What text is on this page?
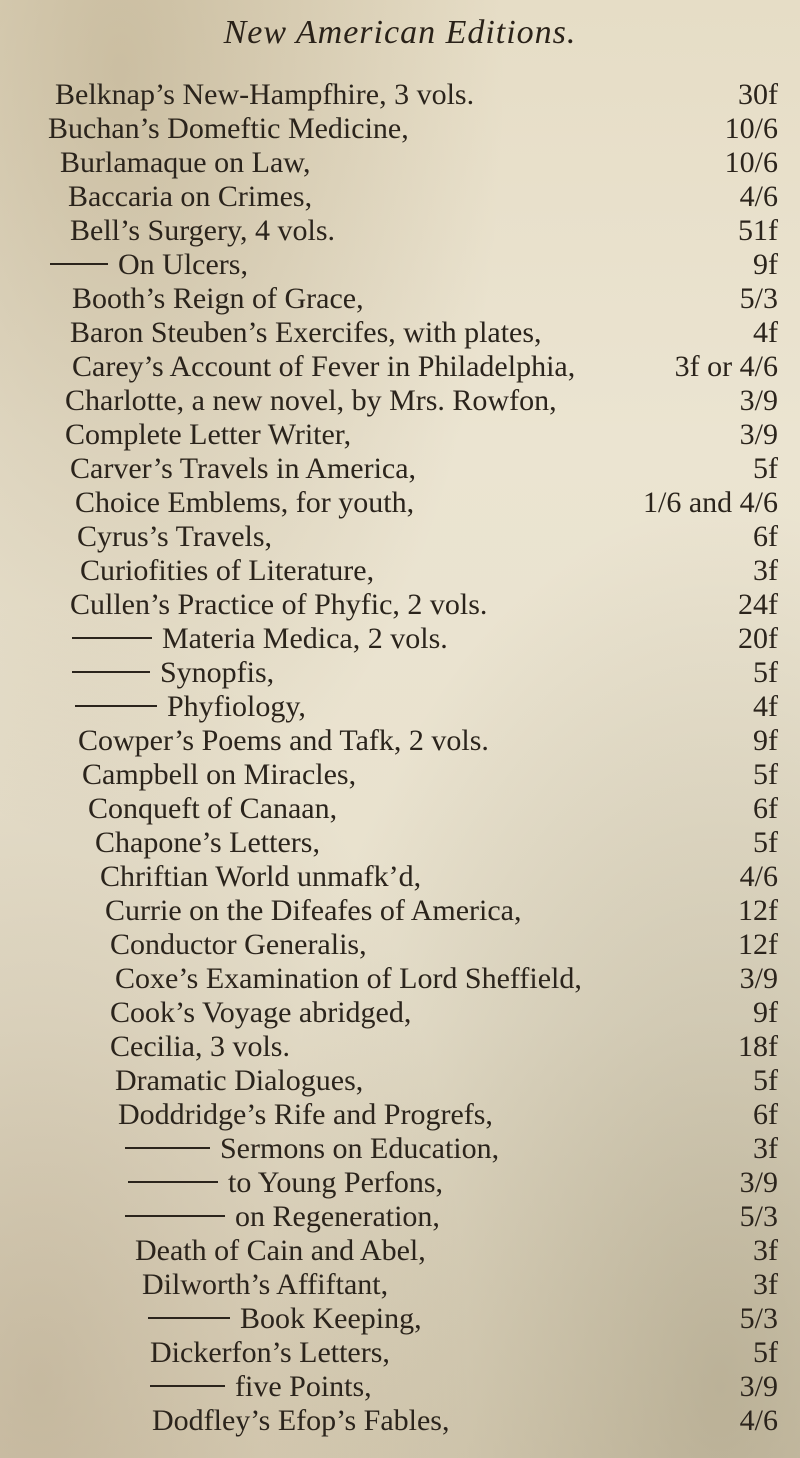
New American Editions.
Belknap’s New-Hampfhire, 3 vols.	30f
Buchan’s Domeftic Medicine,	10/6
Burlamaque on Law,	10/6
Baccaria on Crimes,	4/6
Bell’s Surgery, 4 vols.	51f
On Ulcers,	9f
Booth’s Reign of Grace,	5/3
Baron Steuben’s Exercifes, with plates,	4f
Carey’s Account of Fever in Philadelphia,	3f or 4/6
Charlotte, a new novel, by Mrs. Rowfon,	3/9
Complete Letter Writer,	3/9
Carver’s Travels in America,	5f
Choice Emblems, for youth,	1/6 and 4/6
Cyrus’s Travels,	6f
Curiofities of Literature,	3f
Cullen’s Practice of Phyfic, 2 vols.	24f
Materia Medica, 2 vols.	20f
Synopfis,	5f
Phyfiology,	4f
Cowper’s Poems and Tafk, 2 vols.	9f
Campbell on Miracles,	5f
Conqueft of Canaan,	6f
Chapone’s Letters,	5f
Chriftian World unmafk’d,	4/6
Currie on the Difeafes of America,	12f
Conductor Generalis,	12f
Coxe’s Examination of Lord Sheffield,	3/9
Cook’s Voyage abridged,	9f
Cecilia, 3 vols.	18f
Dramatic Dialogues,	5f
Doddridge’s Rife and Progrefs,	6f
Sermons on Education,	3f
to Young Perfons,	3/9
on Regeneration,	5/3
Death of Cain and Abel,	3f
Dilworth’s Affiftant,	3f
Book Keeping,	5/3
Dickerfon’s Letters,	5f
five Points,	3/9
Dodfley’s Efop’s Fables,	4/6
